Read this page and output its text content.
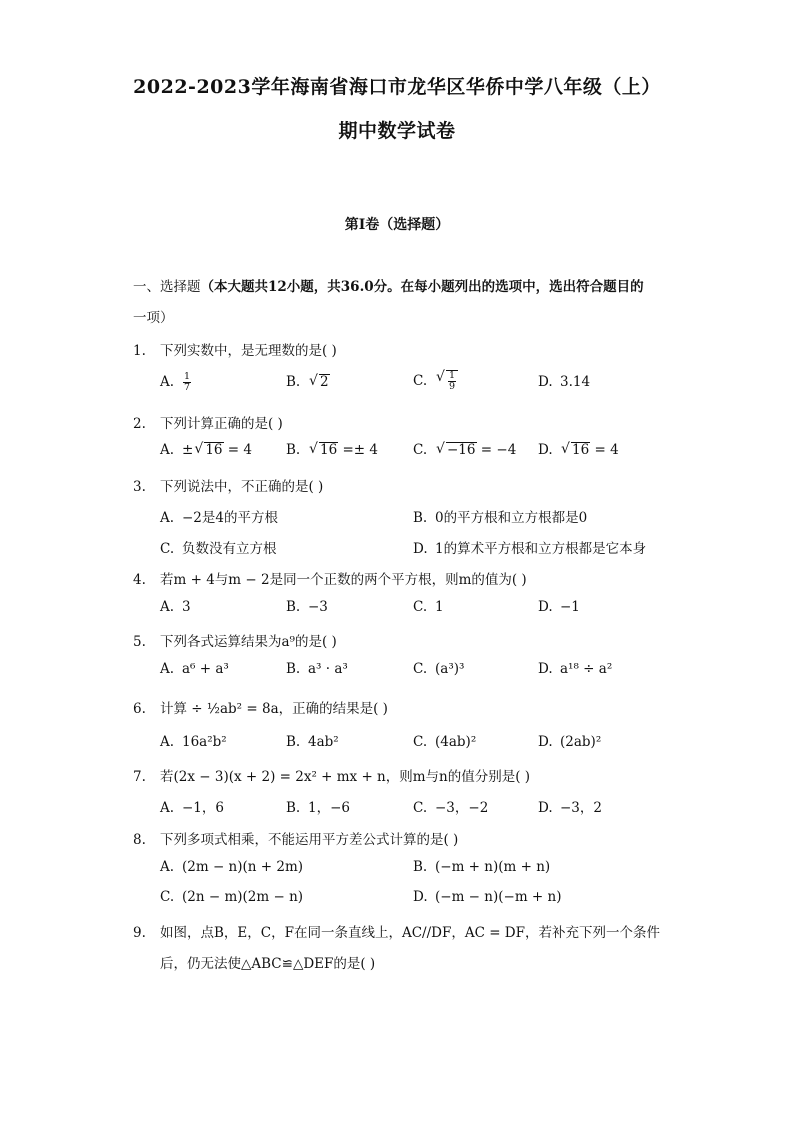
2022-2023学年海南省海口市龙华区华侨中学八年级（上）
期中数学试卷
第I卷（选择题）
一、选择题（本大题共12小题，共36.0分。在每小题列出的选项中，选出符合题目的
一项）
1. 下列实数中，是无理数的是( )
A. $\frac{1}{7}$	B. √ 2	C. √ $\frac{1}{9}$	D. 3.14
2. 下列计算正确的是( )
A. ± √ 16 = 4	B. √ 16 =± 4	C. √ −16 = −4 D. √ 16 = 4
3. 下列说法中，不正确的是( )
A. −2是4的平方根	B. 0的平方根和立方根都是0
C. 负数没有立方根	D. 1的算术平方根和立方根都是它本身
4. 若m + 4与m − 2是同一个正数的两个平方根，则m的值为( )
A. 3	B. −3	C. 1	D. −1
5. 下列各式运算结果为a⁹的是( )
A. a⁶ + a³	B. a³ · a³	C. (a³)³	D. a¹⁸ ÷ a²
6. 计算 ÷ ½ab² = 8a，正确的结果是( )
A. 16a²b²	B. 4ab²	C. (4ab)²	D. (2ab)²
7. 若(2x − 3)(x + 2) = 2x² + mx + n，则m与n的值分别是( )
A. −1，6	B. 1，−6	C. −3，−2	D. −3，2
8. 下列多项式相乘，不能运用平方差公式计算的是( )
A. (2m − n)(n + 2m)	B. (−m + n)(m + n)
C. (2n − m)(2m − n)	D. (−m − n)(−m + n)
9. 如图，点B，E，C，F在同一条直线上，AC//DF，AC = DF，若补充下列一个条件
后，仍无法使△ABC≌△DEF的是( )
